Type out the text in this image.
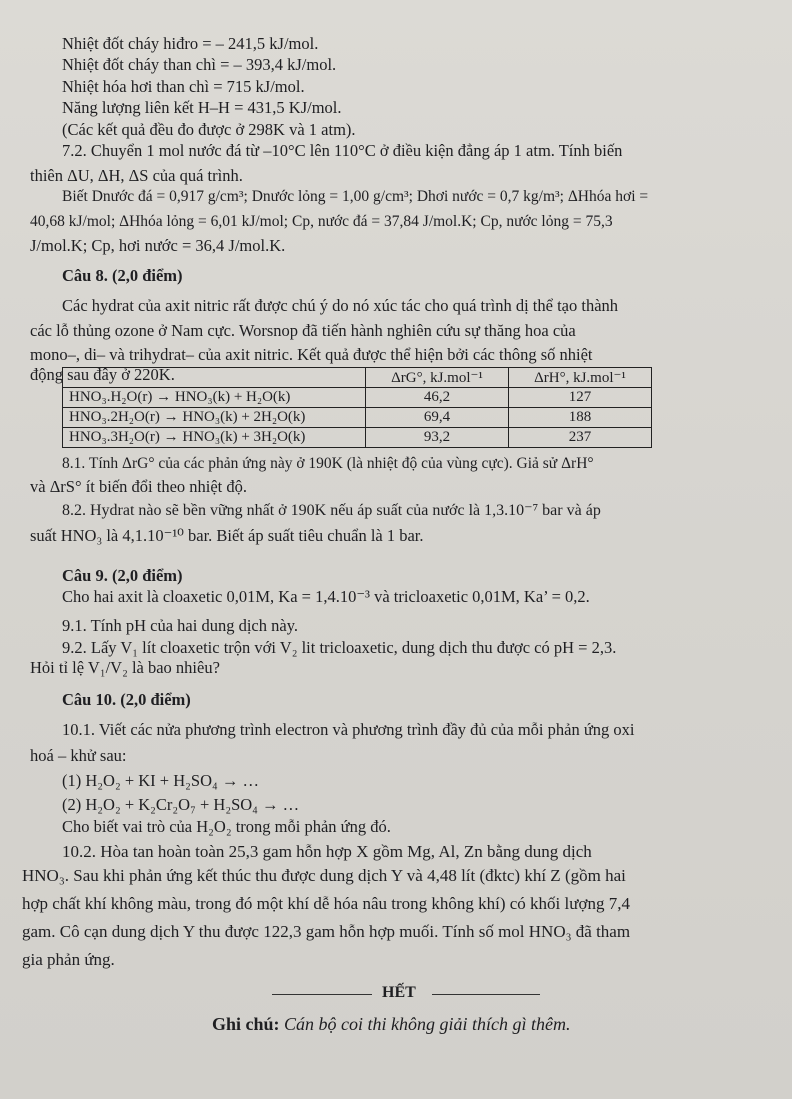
Nhiệt đốt cháy hiđro = – 241,5 kJ/mol.
Nhiệt đốt cháy than chì = – 393,4 kJ/mol.
Nhiệt hóa hơi than chì = 715 kJ/mol.
Năng lượng liên kết H–H = 431,5 KJ/mol.
(Các kết quả đều đo được ở 298K và 1 atm).
7.2. Chuyển 1 mol nước đá từ –10°C lên 110°C ở điều kiện đẳng áp 1 atm. Tính biến
thiên ΔU, ΔH, ΔS của quá trình.
Biết Dnước đá = 0,917 g/cm³; Dnước lỏng = 1,00 g/cm³; Dhơi nước = 0,7 kg/m³; ΔHhóa hơi =
40,68 kJ/mol; ΔHhóa lỏng = 6,01 kJ/mol; Cp, nước đá = 37,84 J/mol.K; Cp, nước lỏng = 75,3
J/mol.K; Cp, hơi nước = 36,4 J/mol.K.
Câu 8. (2,0 điểm)
Các hydrat của axit nitric rất được chú ý do nó xúc tác cho quá trình dị thể tạo thành
các lỗ thủng ozone ở Nam cực. Worsnop đã tiến hành nghiên cứu sự thăng hoa của
mono–, di– và trihydrat– của axit nitric. Kết quả được thể hiện bởi các thông số nhiệt
động sau đây ở 220K.
		ΔrG°, kJ.mol⁻¹	ΔrH°, kJ.mol⁻¹
HNO₃.H₂O(r) → HNO₃(k) + H₂O(k)	46,2	127
HNO₃.2H₂O(r) → HNO₃(k) + 2H₂O(k)	69,4	188
HNO₃.3H₂O(r) → HNO₃(k) + 3H₂O(k)	93,2	237
8.1. Tính ΔrG° của các phản ứng này ở 190K (là nhiệt độ của vùng cực). Giả sử ΔrH°
và ΔrS° ít biến đổi theo nhiệt độ.
8.2. Hydrat nào sẽ bền vững nhất ở 190K nếu áp suất của nước là 1,3.10⁻⁷ bar và áp
suất HNO₃ là 4,1.10⁻¹⁰ bar. Biết áp suất tiêu chuẩn là 1 bar.
Câu 9. (2,0 điểm)
Cho hai axit là cloaxetic 0,01M, Ka = 1,4.10⁻³ và tricloaxetic 0,01M, Ka’ = 0,2.
9.1. Tính pH của hai dung dịch này.
9.2. Lấy V₁ lít cloaxetic trộn với V₂ lit tricloaxetic, dung dịch thu được có pH = 2,3.
Hỏi tỉ lệ V₁/V₂ là bao nhiêu?
Câu 10. (2,0 điểm)
10.1. Viết các nửa phương trình electron và phương trình đầy đủ của mỗi phản ứng oxi
hoá – khử sau:
(1) H₂O₂ + KI + H₂SO₄ → …
(2) H₂O₂ + K₂Cr₂O₇ + H₂SO₄ → …
Cho biết vai trò của H₂O₂ trong mỗi phản ứng đó.
10.2. Hòa tan hoàn toàn 25,3 gam hỗn hợp X gồm Mg, Al, Zn bằng dung dịch
HNO₃. Sau khi phản ứng kết thúc thu được dung dịch Y và 4,48 lít (đktc) khí Z (gồm hai
hợp chất khí không màu, trong đó một khí dễ hóa nâu trong không khí) có khối lượng 7,4
gam. Cô cạn dung dịch Y thu được 122,3 gam hỗn hợp muối. Tính số mol HNO₃ đã tham
gia phản ứng.
HẾT
Ghi chú: Cán bộ coi thi không giải thích gì thêm.
